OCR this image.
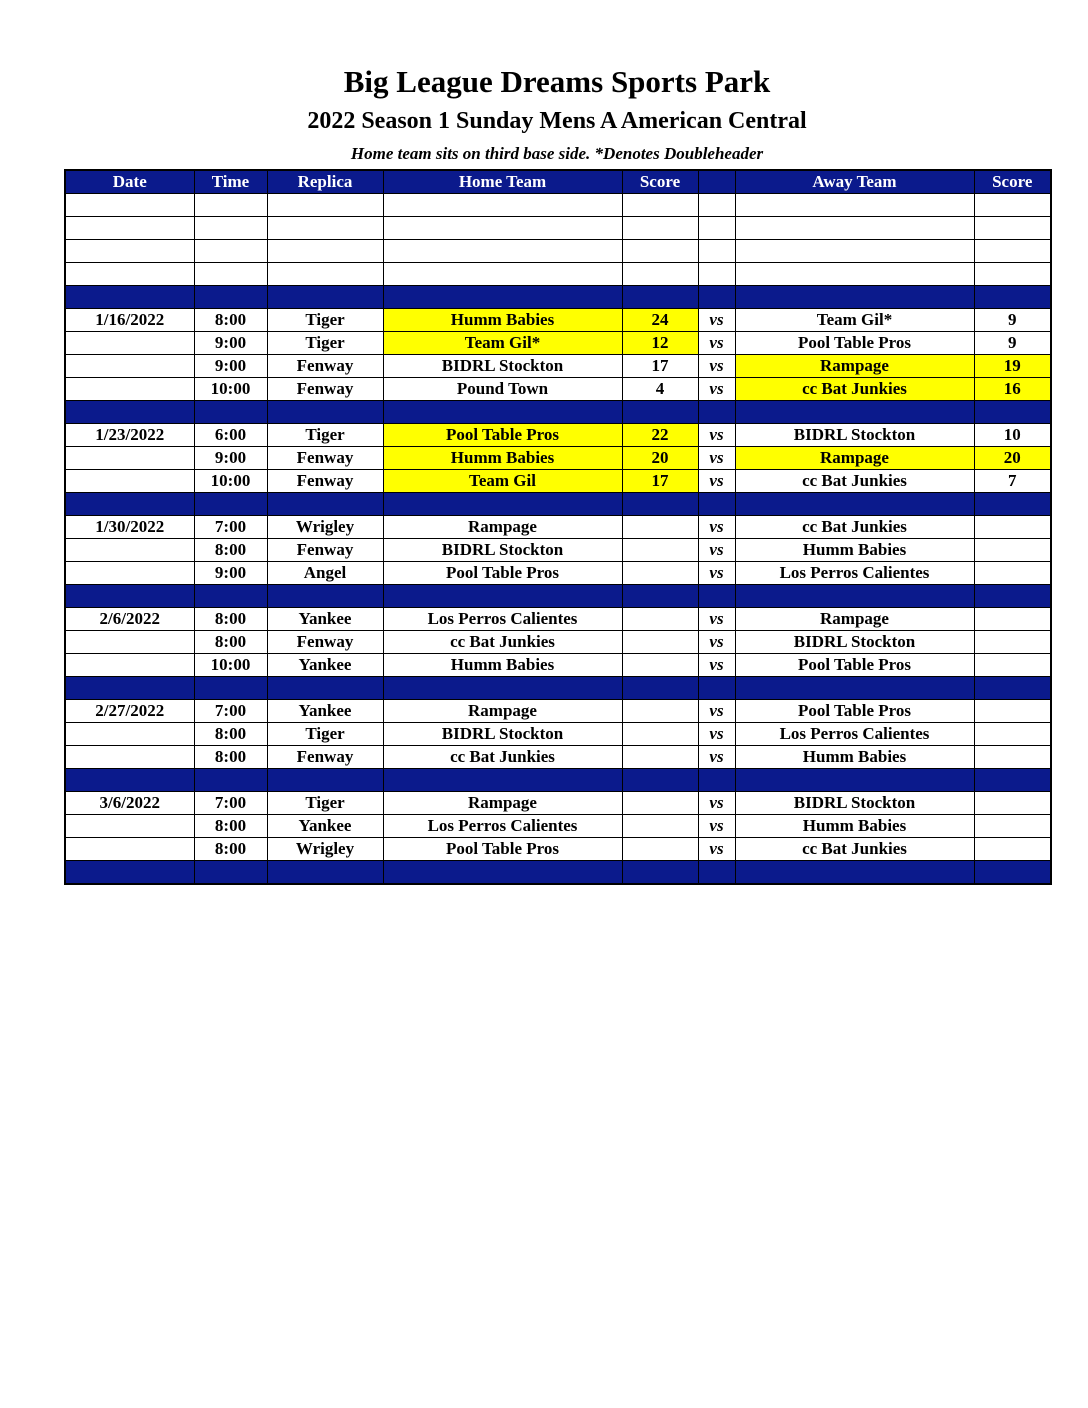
Big League Dreams Sports Park
2022 Season 1 Sunday Mens A American Central
Home team sits on third base side. *Denotes Doubleheader
Date	Time	Replica	Home Team	Score		Away Team	Score

1/16/2022	8:00	Tiger	Humm Babies	24	vs	Team Gil*	9
	9:00	Tiger	Team Gil*	12	vs	Pool Table Pros	9
	9:00	Fenway	BIDRL Stockton	17	vs	Rampage	19
	10:00	Fenway	Pound Town	4	vs	cc Bat Junkies	16

1/23/2022	6:00	Tiger	Pool Table Pros	22	vs	BIDRL Stockton	10
	9:00	Fenway	Humm Babies	20	vs	Rampage	20
	10:00	Fenway	Team Gil	17	vs	cc Bat Junkies	7

1/30/2022	7:00	Wrigley	Rampage		vs	cc Bat Junkies	
	8:00	Fenway	BIDRL Stockton		vs	Humm Babies	
	9:00	Angel	Pool Table Pros		vs	Los Perros Calientes	

2/6/2022	8:00	Yankee	Los Perros Calientes		vs	Rampage	
	8:00	Fenway	cc Bat Junkies		vs	BIDRL Stockton	
	10:00	Yankee	Humm Babies		vs	Pool Table Pros	

2/27/2022	7:00	Yankee	Rampage		vs	Pool Table Pros	
	8:00	Tiger	BIDRL Stockton		vs	Los Perros Calientes	
	8:00	Fenway	cc Bat Junkies		vs	Humm Babies	

3/6/2022	7:00	Tiger	Rampage		vs	BIDRL Stockton	
	8:00	Yankee	Los Perros Calientes		vs	Humm Babies	
	8:00	Wrigley	Pool Table Pros		vs	cc Bat Junkies	
